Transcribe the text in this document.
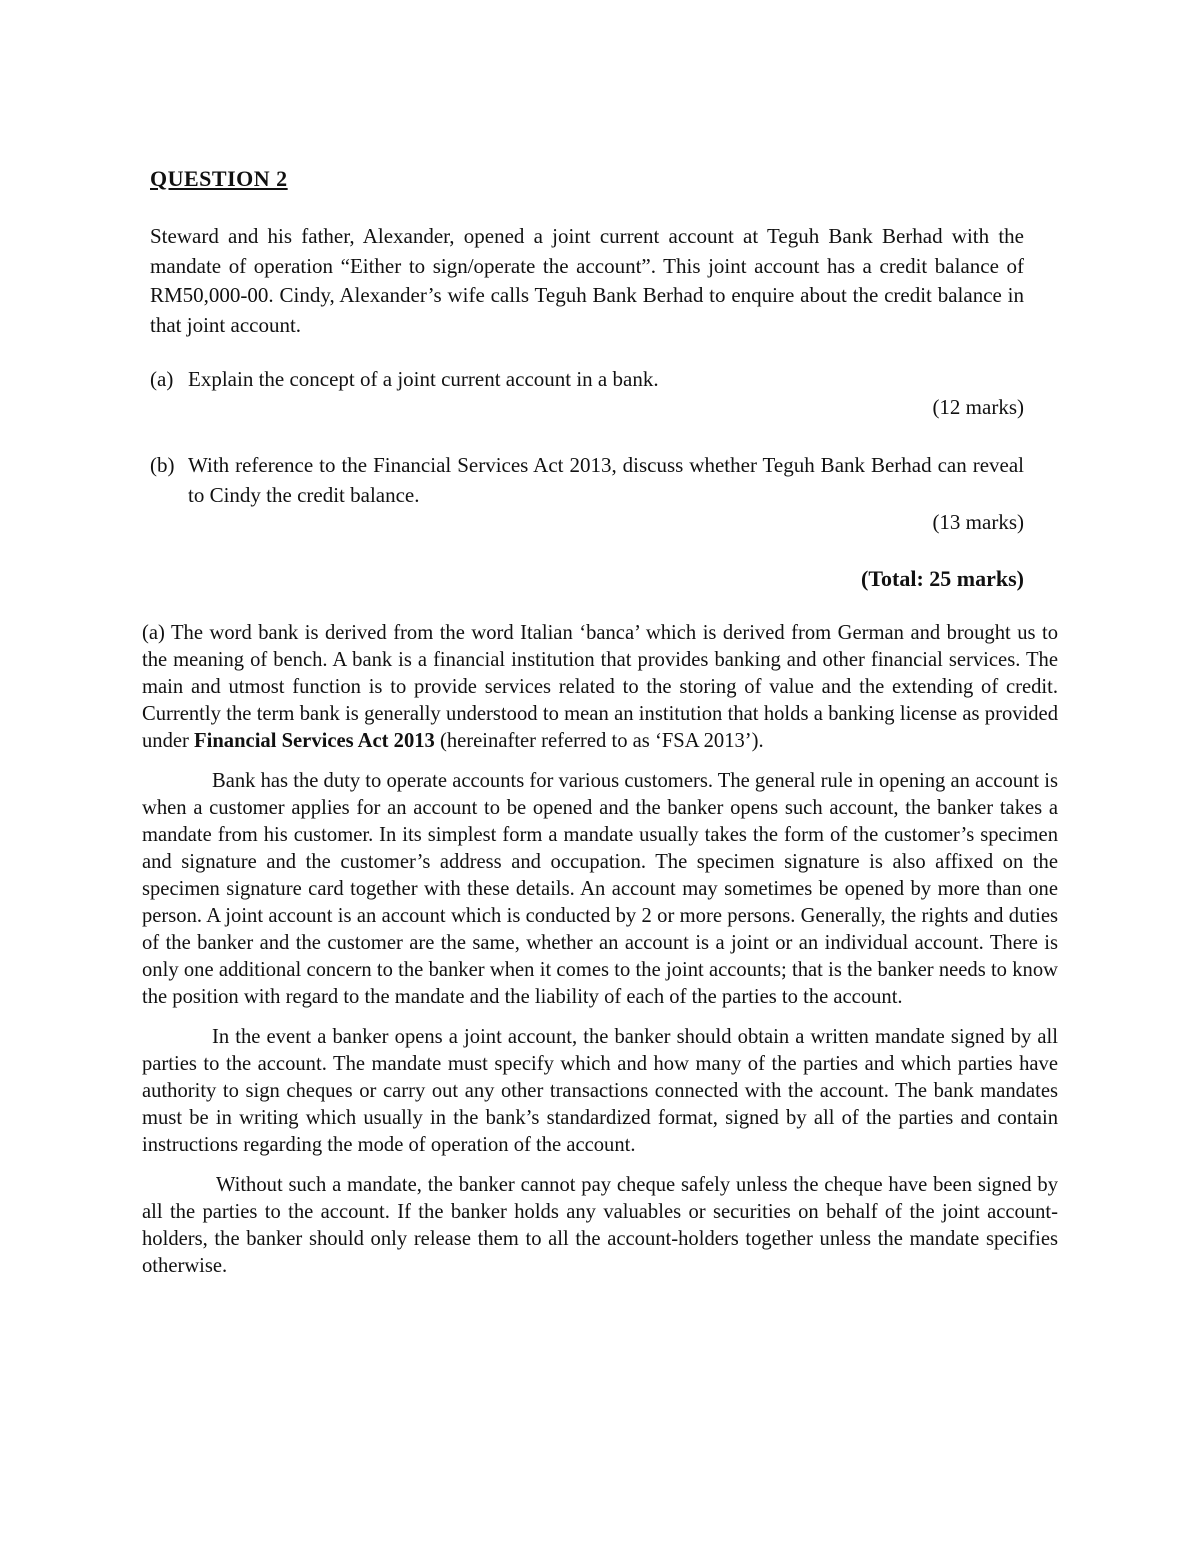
QUESTION 2
Steward and his father, Alexander, opened a joint current account at Teguh Bank Berhad with the mandate of operation “Either to sign/operate the account”. This joint account has a credit balance of RM50,000-00. Cindy, Alexander’s wife calls Teguh Bank Berhad to enquire about the credit balance in that joint account.
(a) Explain the concept of a joint current account in a bank.
(12 marks)
(b) With reference to the Financial Services Act 2013, discuss whether Teguh Bank Berhad can reveal to Cindy the credit balance.
(13 marks)
(Total: 25 marks)

(a) The word bank is derived from the word Italian ‘banca’ which is derived from German and brought us to the meaning of bench. A bank is a financial institution that provides banking and other financial services. The main and utmost function is to provide services related to the storing of value and the extending of credit. Currently the term bank is generally understood to mean an institution that holds a banking license as provided under Financial Services Act 2013 (hereinafter referred to as ‘FSA 2013’).

Bank has the duty to operate accounts for various customers. The general rule in opening an account is when a customer applies for an account to be opened and the banker opens such account, the banker takes a mandate from his customer. In its simplest form a mandate usually takes the form of the customer’s specimen and signature and the customer’s address and occupation. The specimen signature is also affixed on the specimen signature card together with these details. An account may sometimes be opened by more than one person. A joint account is an account which is conducted by 2 or more persons. Generally, the rights and duties of the banker and the customer are the same, whether an account is a joint or an individual account. There is only one additional concern to the banker when it comes to the joint accounts; that is the banker needs to know the position with regard to the mandate and the liability of each of the parties to the account.

In the event a banker opens a joint account, the banker should obtain a written mandate signed by all parties to the account. The mandate must specify which and how many of the parties and which parties have authority to sign cheques or carry out any other transactions connected with the account. The bank mandates must be in writing which usually in the bank’s standardized format, signed by all of the parties and contain instructions regarding the mode of operation of the account.

Without such a mandate, the banker cannot pay cheque safely unless the cheque have been signed by all the parties to the account. If the banker holds any valuables or securities on behalf of the joint account-holders, the banker should only release them to all the account-holders together unless the mandate specifies otherwise.
